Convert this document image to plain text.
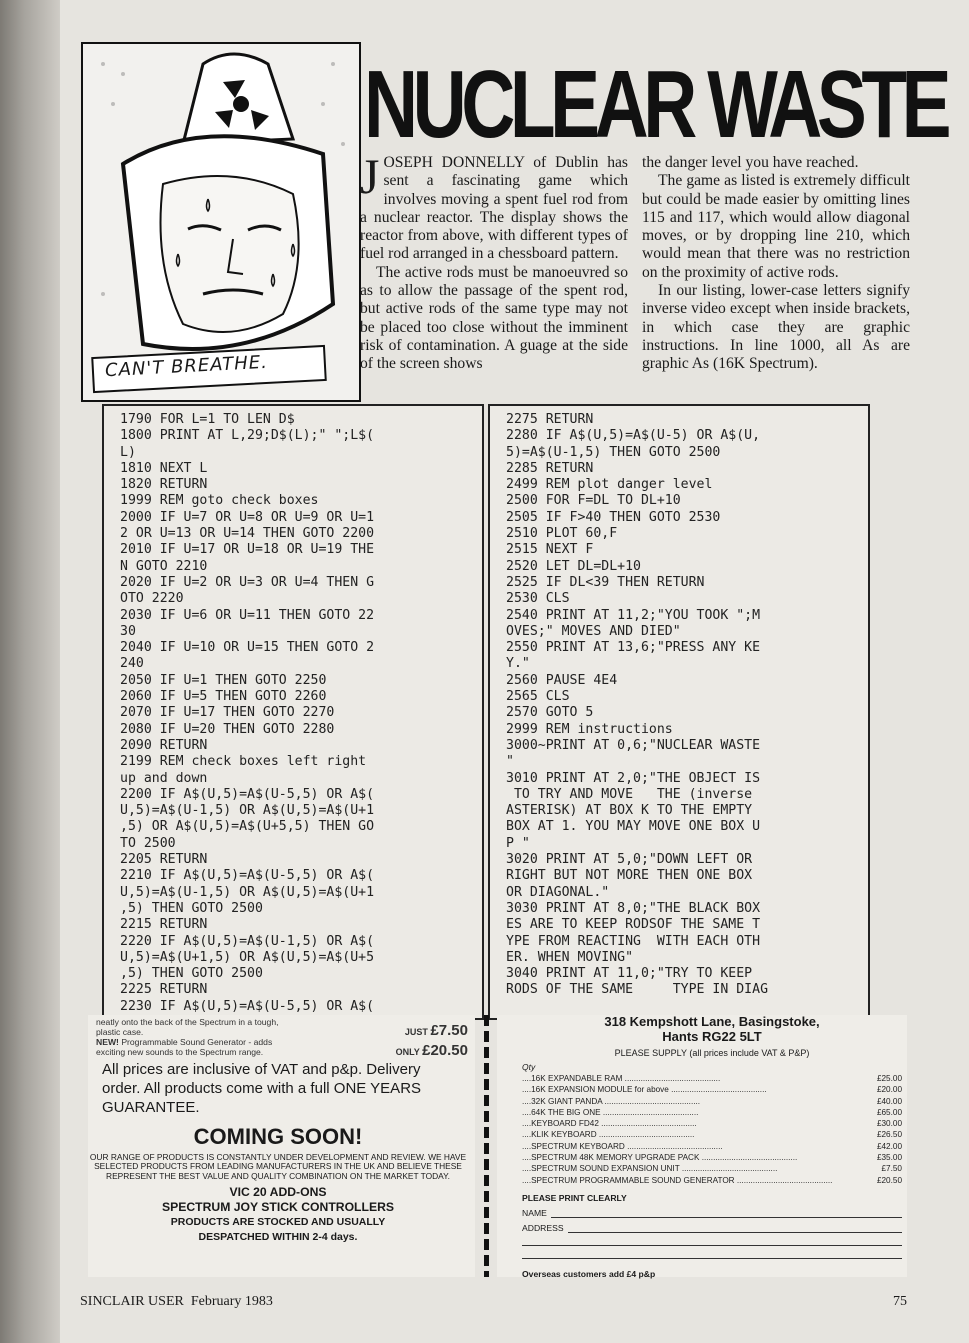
CAN'T BREATHE.
NUCLEAR WASTE

JOSEPH DONNELLY of Dublin has sent a fascinating game which involves moving a spent fuel rod from a nuclear reactor. The display shows the reactor from above, with different types of fuel rod arranged in a chessboard pattern.

The active rods must be manoeuvred so as to allow the passage of the spent rod, but active rods of the same type may not be placed too close without the imminent risk of contamination. A guage at the side of the screen shows

the danger level you have reached.

The game as listed is extremely difficult but could be made easier by omitting lines 115 and 117, which would allow diagonal moves, or by dropping line 210, which would mean that there was no restriction on the proximity of active rods.

In our listing, lower-case letters signify inverse video except when inside brackets, in which case they are graphic instructions. In line 1000, all As are graphic As (16K Spectrum).

1790 FOR L=1 TO LEN D$
1800 PRINT AT L,29;D$(L);" ";L$(
L)
1810 NEXT L
1820 RETURN
1999 REM goto check boxes
2000 IF U=7 OR U=8 OR U=9 OR U=1
2 OR U=13 OR U=14 THEN GOTO 2200
2010 IF U=17 OR U=18 OR U=19 THE
N GOTO 2210
2020 IF U=2 OR U=3 OR U=4 THEN G
OTO 2220
2030 IF U=6 OR U=11 THEN GOTO 22
30
2040 IF U=10 OR U=15 THEN GOTO 2
240
2050 IF U=1 THEN GOTO 2250
2060 IF U=5 THEN GOTO 2260
2070 IF U=17 THEN GOTO 2270
2080 IF U=20 THEN GOTO 2280
2090 RETURN
2199 REM check boxes left right
up and down
2200 IF A$(U,5)=A$(U-5,5) OR A$(
U,5)=A$(U-1,5) OR A$(U,5)=A$(U+1
,5) OR A$(U,5)=A$(U+5,5) THEN GO
TO 2500
2205 RETURN
2210 IF A$(U,5)=A$(U-5,5) OR A$(
U,5)=A$(U-1,5) OR A$(U,5)=A$(U+1
,5) THEN GOTO 2500
2215 RETURN
2220 IF A$(U,5)=A$(U-1,5) OR A$(
U,5)=A$(U+1,5) OR A$(U,5)=A$(U+5
,5) THEN GOTO 2500
2225 RETURN
2230 IF A$(U,5)=A$(U-5,5) OR A$(
2275 RETURN
2280 IF A$(U,5)=A$(U-5) OR A$(U,
5)=A$(U-1,5) THEN GOTO 2500
2285 RETURN
2499 REM plot danger level
2500 FOR F=DL TO DL+10
2505 IF F>40 THEN GOTO 2530
2510 PLOT 60,F
2515 NEXT F
2520 LET DL=DL+10
2525 IF DL<39 THEN RETURN
2530 CLS
2540 PRINT AT 11,2;"YOU TOOK ";M
OVES;" MOVES AND DIED"
2550 PRINT AT 13,6;"PRESS ANY KE
Y."
2560 PAUSE 4E4
2565 CLS
2570 GOTO 5
2999 REM instructions
3000~PRINT AT 0,6;"NUCLEAR WASTE
"
3010 PRINT AT 2,0;"THE OBJECT IS
TO TRY AND MOVE   THE (inverse
ASTERISK) AT BOX K TO THE EMPTY
BOX AT 1. YOU MAY MOVE ONE BOX U
P "
3020 PRINT AT 5,0;"DOWN LEFT OR
RIGHT BUT NOT MORE THEN ONE BOX
OR DIAGONAL."
3030 PRINT AT 8,0;"THE BLACK BOX
ES ARE TO KEEP RODSOF THE SAME T
YPE FROM REACTING  WITH EACH OTH
ER. WHEN MOVING"
3040 PRINT AT 11,0;"TRY TO KEEP
RODS OF THE SAME     TYPE IN DIAG
neatly onto the back of the Spectrum in a tough, plastic case.	JUST £7.50
NEW! Programmable Sound Generator - adds exciting new sounds to the Spectrum range.	ONLY £20.50
All prices are inclusive of VAT and p&p. Delivery order. All products come with a full ONE YEARS GUARANTEE.
COMING SOON!
OUR RANGE OF PRODUCTS IS CONSTANTLY UNDER DEVELOPMENT AND REVIEW. WE HAVE SELECTED PRODUCTS FROM LEADING MANUFACTURERS IN THE UK AND BELIEVE THESE REPRESENT THE BEST VALUE AND QUALITY COMBINATION ON THE MARKET TODAY.
VIC 20 ADD-ONS
SPECTRUM JOY STICK CONTROLLERS
PRODUCTS ARE STOCKED AND USUALLY
DESPATCHED WITHIN 2-4 days.
318 Kempshott Lane, Basingstoke,
Hants RG22 5LT
PLEASE SUPPLY (all prices include VAT & P&P)
Qty
....16K EXPANDABLE RAM ..........................................	£25.00
....16K EXPANSION MODULE for above ..........................................	£20.00
....32K GIANT PANDA ..........................................	£40.00
....64K THE BIG ONE ..........................................	£65.00
....KEYBOARD FD42 ..........................................	£30.00
....KLIK KEYBOARD ..........................................	£26.50
....SPECTRUM KEYBOARD ..........................................	£42.00
....SPECTRUM 48K MEMORY UPGRADE PACK ..........................................	£35.00
....SPECTRUM SOUND EXPANSION UNIT ..........................................	£7.50
....SPECTRUM PROGRAMMABLE SOUND GENERATOR ..........................................	£20.50
PLEASE PRINT CLEARLY
NAME
ADDRESS
Overseas customers add £4 p&p
SINCLAIR USER  February 1983	75
